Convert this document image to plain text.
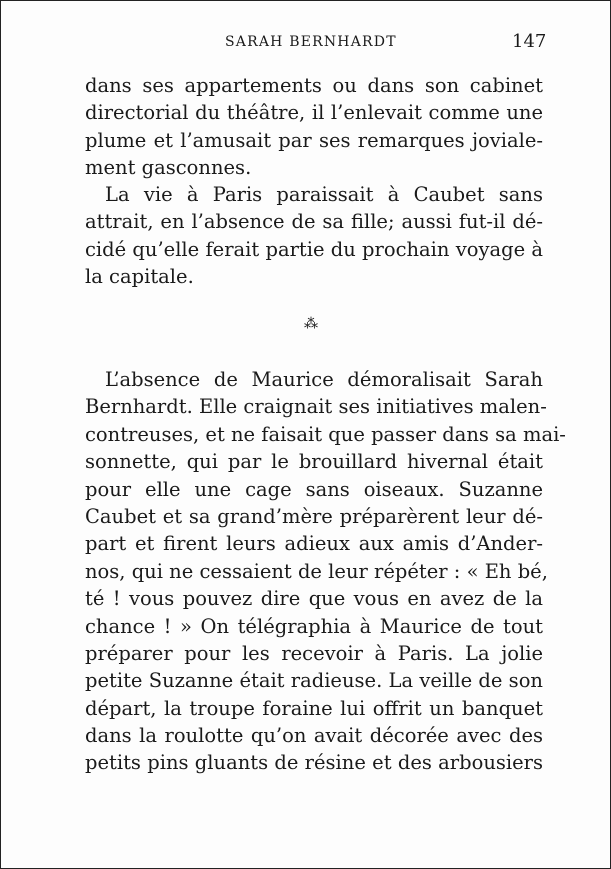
SARAH BERNHARDT	147
dans ses appartements ou dans son cabinet
directorial du théâtre, il l’enlevait comme une
plume et l’amusait par ses remarques joviale-
ment gasconnes.
La vie à Paris paraissait à Caubet sans
attrait, en l’absence de sa fille; aussi fut-il dé-
cidé qu’elle ferait partie du prochain voyage à
la capitale.
⁂
L’absence de Maurice démoralisait Sarah
Bernhardt. Elle craignait ses initiatives malen-
contreuses, et ne faisait que passer dans sa mai-
sonnette, qui par le brouillard hivernal était
pour elle une cage sans oiseaux. Suzanne
Caubet et sa grand’mère préparèrent leur dé-
part et firent leurs adieux aux amis d’Ander-
nos, qui ne cessaient de leur répéter : « Eh bé,
té ! vous pouvez dire que vous en avez de la
chance ! » On télégraphia à Maurice de tout
préparer pour les recevoir à Paris. La jolie
petite Suzanne était radieuse. La veille de son
départ, la troupe foraine lui offrit un banquet
dans la roulotte qu’on avait décorée avec des
petits pins gluants de résine et des arbousiers
